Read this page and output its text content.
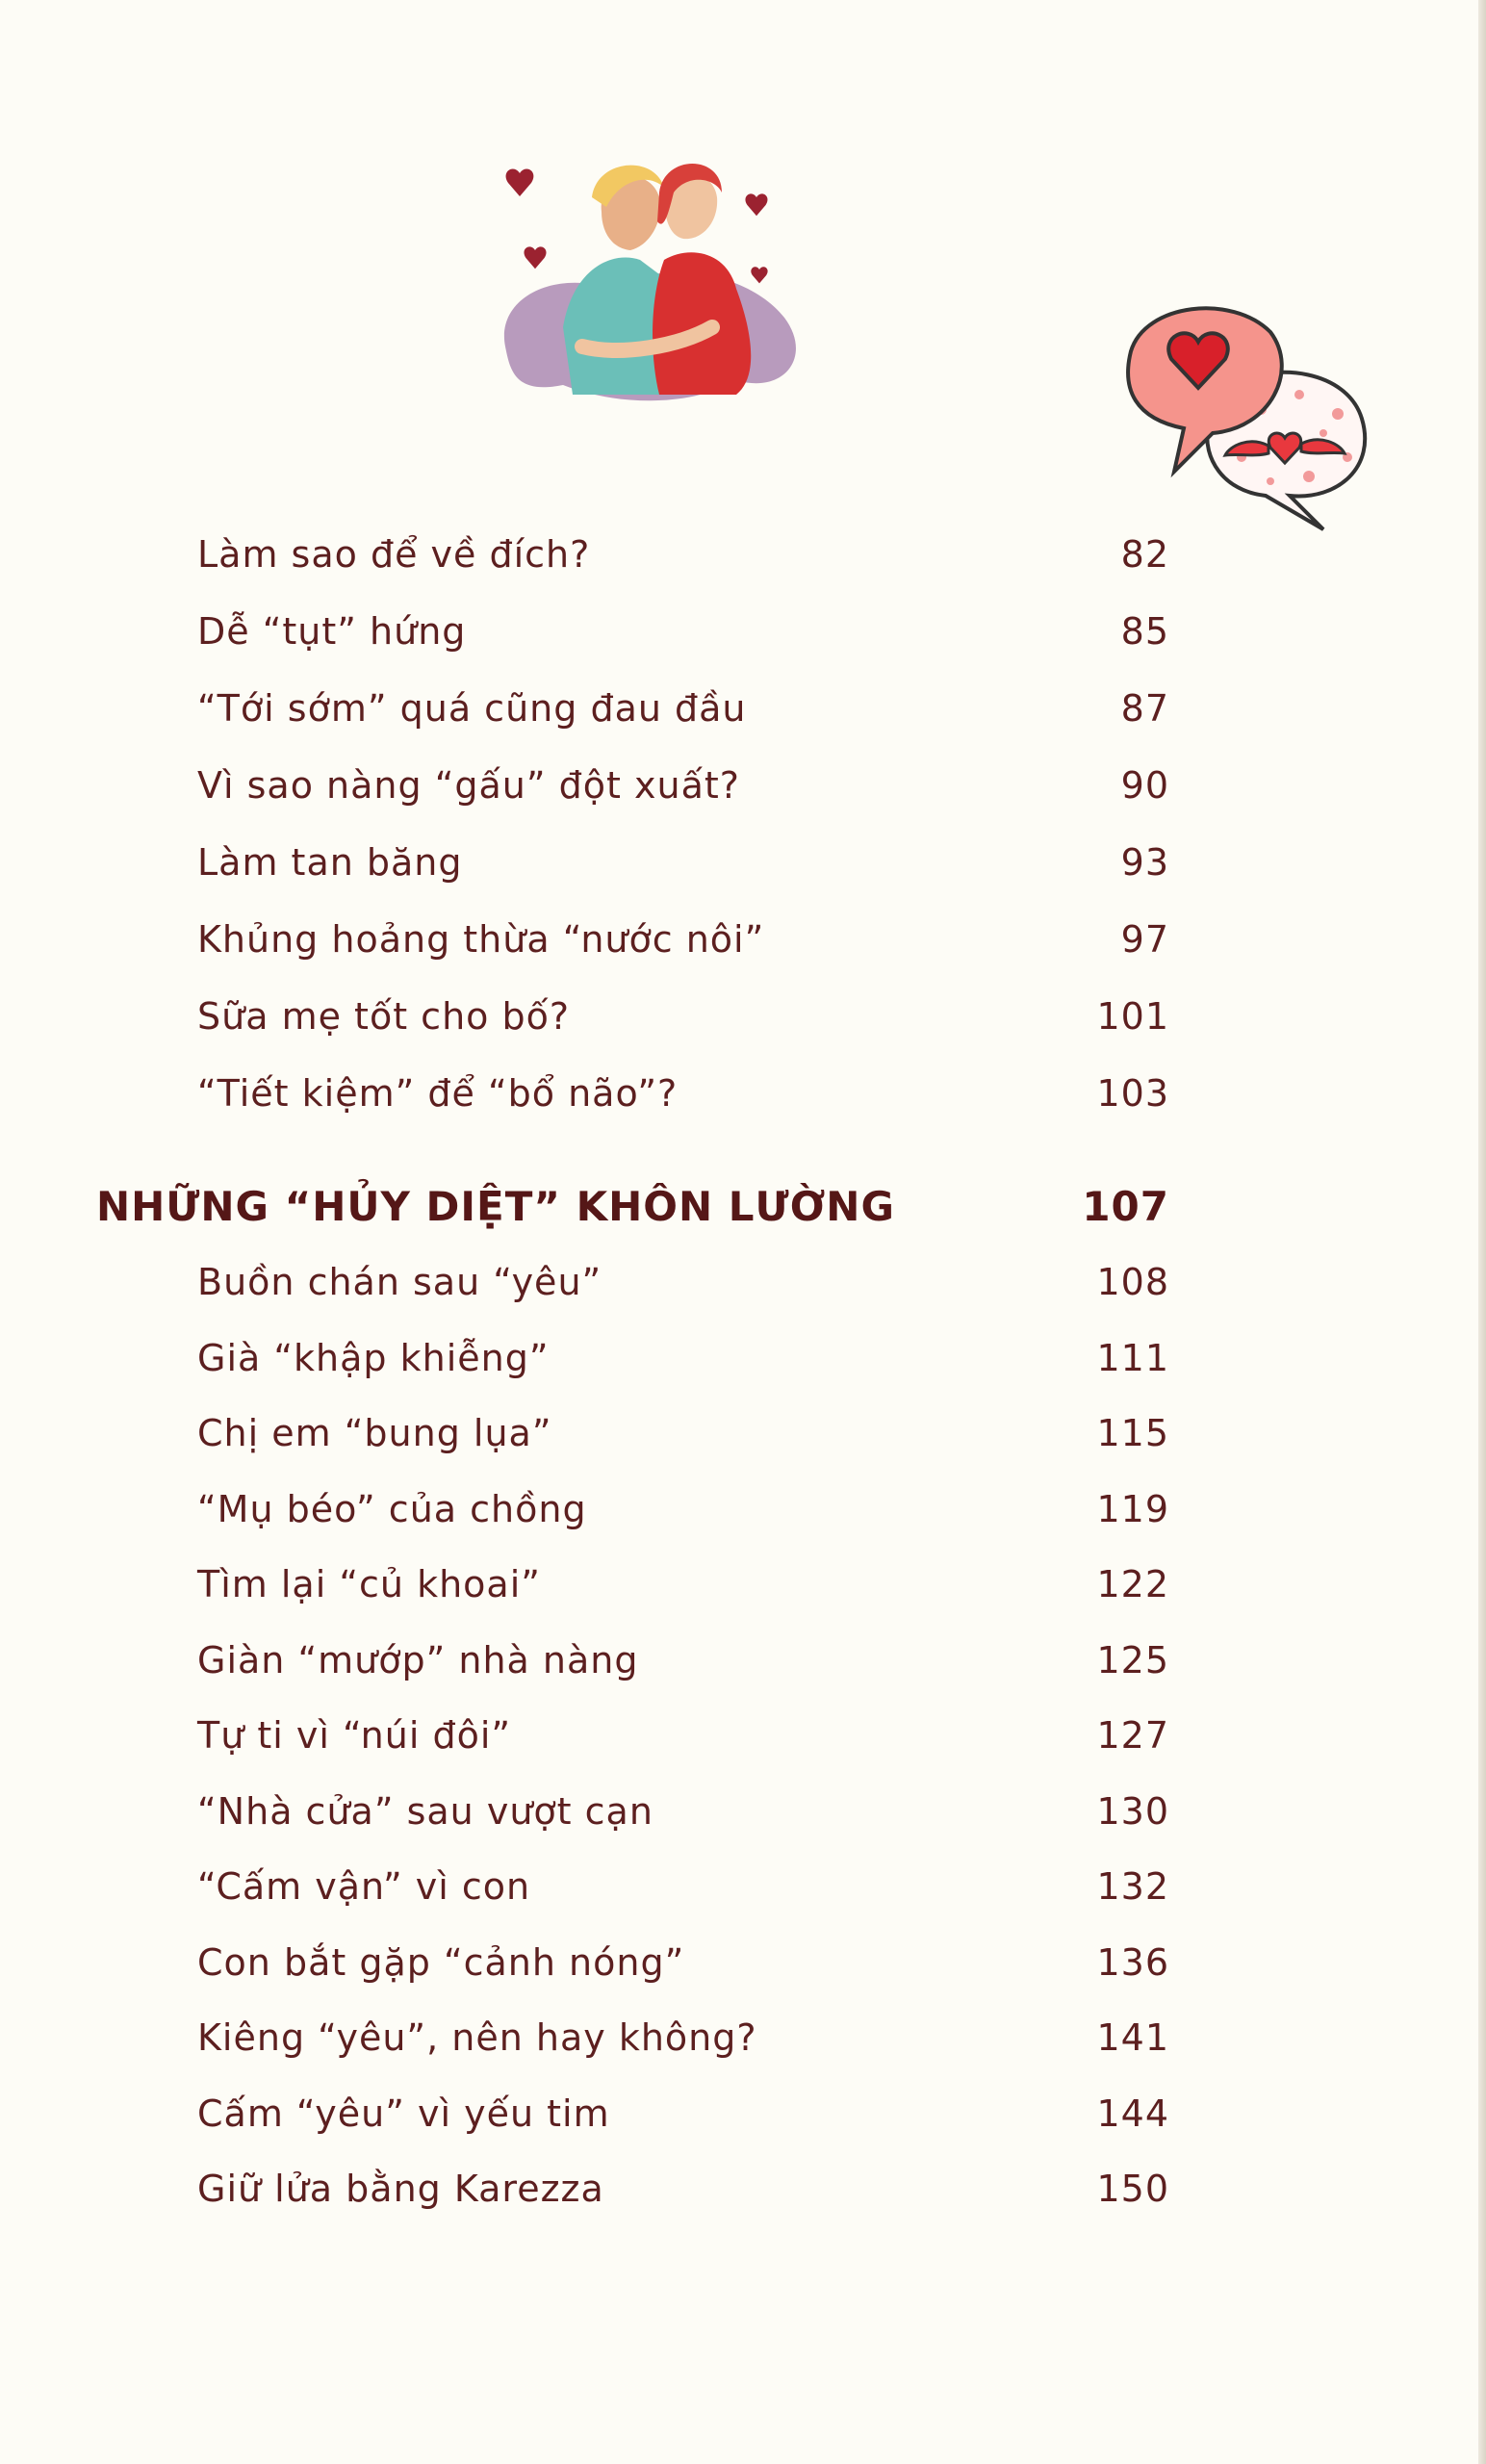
Làm sao để về đích?	82
Dễ “tụt” hứng	85
“Tới sớm” quá cũng đau đầu	87
Vì sao nàng “gấu” đột xuất?	90
Làm tan băng	93
Khủng hoảng thừa “nước nôi”	97
Sữa mẹ tốt cho bố?	101
“Tiết kiệm” để “bổ não”?	103
NHỮNG “HỦY DIỆT” KHÔN LƯỜNG	107
Buồn chán sau “yêu”	108
Già “khập khiễng”	111
Chị em “bung lụa”	115
“Mụ béo” của chồng	119
Tìm lại “củ khoai”	122
Giàn “mướp” nhà nàng	125
Tự ti vì “núi đôi”	127
“Nhà cửa” sau vượt cạn	130
“Cấm vận” vì con	132
Con bắt gặp “cảnh nóng”	136
Kiêng “yêu”, nên hay không?	141
Cấm “yêu” vì yếu tim	144
Giữ lửa bằng Karezza	150
